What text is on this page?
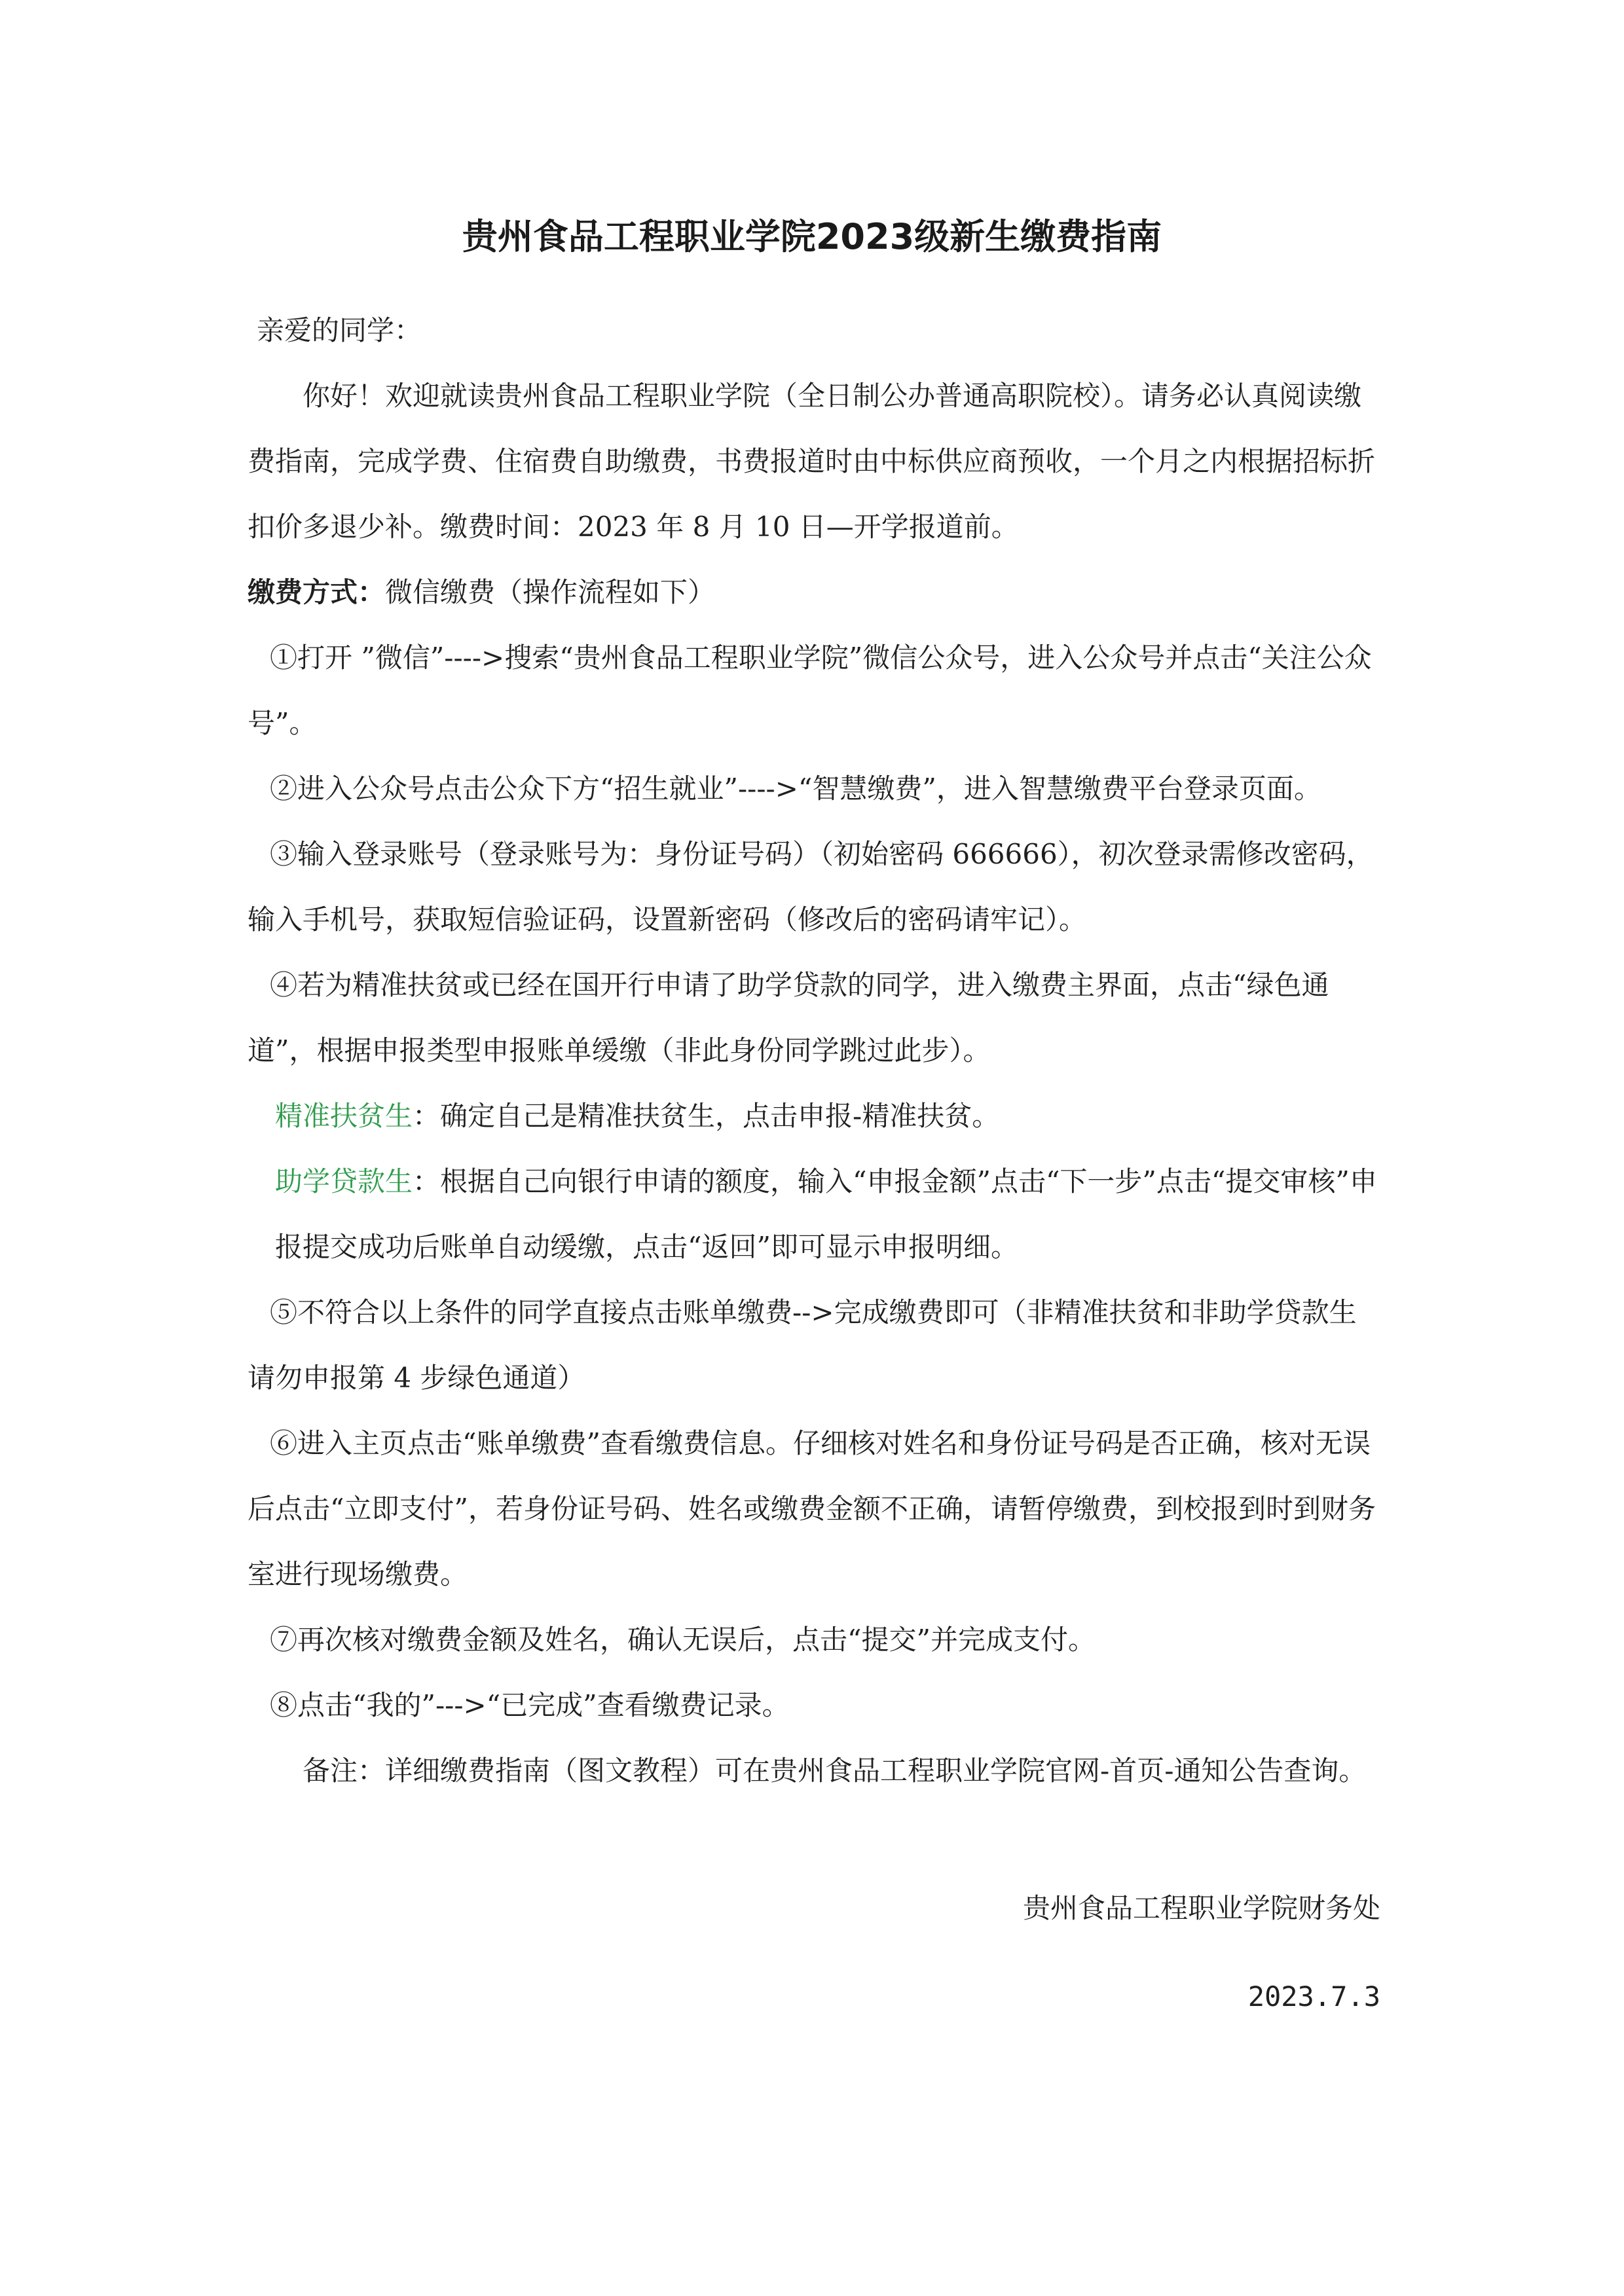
贵州食品工程职业学院2023级新生缴费指南

亲爱的同学：

你好！欢迎就读贵州食品工程职业学院（全日制公办普通高职院校）。请务必认真阅读缴费指南，完成学费、住宿费自助缴费，书费报道时由中标供应商预收，一个月之内根据招标折扣价多退少补。缴费时间：2023 年 8 月 10 日—开学报道前。

缴费方式：微信缴费（操作流程如下）

①打开 ”微信”---->搜索“贵州食品工程职业学院”微信公众号，进入公众号并点击“关注公众号”。

②进入公众号点击公众下方“招生就业”---->“智慧缴费”，进入智慧缴费平台登录页面。

③输入登录账号（登录账号为：身份证号码）（初始密码 666666），初次登录需修改密码，输入手机号，获取短信验证码，设置新密码（修改后的密码请牢记）。

④若为精准扶贫或已经在国开行申请了助学贷款的同学，进入缴费主界面，点击“绿色通道”，根据申报类型申报账单缓缴（非此身份同学跳过此步）。

精准扶贫生：确定自己是精准扶贫生，点击申报-精准扶贫。

助学贷款生：根据自己向银行申请的额度，输入“申报金额”点击“下一步”点击“提交审核”申报提交成功后账单自动缓缴，点击“返回”即可显示申报明细。

⑤不符合以上条件的同学直接点击账单缴费-->完成缴费即可（非精准扶贫和非助学贷款生请勿申报第 4 步绿色通道）

⑥进入主页点击“账单缴费”查看缴费信息。仔细核对姓名和身份证号码是否正确，核对无误后点击“立即支付”，若身份证号码、姓名或缴费金额不正确，请暂停缴费，到校报到时到财务室进行现场缴费。

⑦再次核对缴费金额及姓名，确认无误后，点击“提交”并完成支付。

⑧点击“我的”--->“已完成”查看缴费记录。

备注：详细缴费指南（图文教程）可在贵州食品工程职业学院官网-首页-通知公告查询。

贵州食品工程职业学院财务处
2023.7.3
